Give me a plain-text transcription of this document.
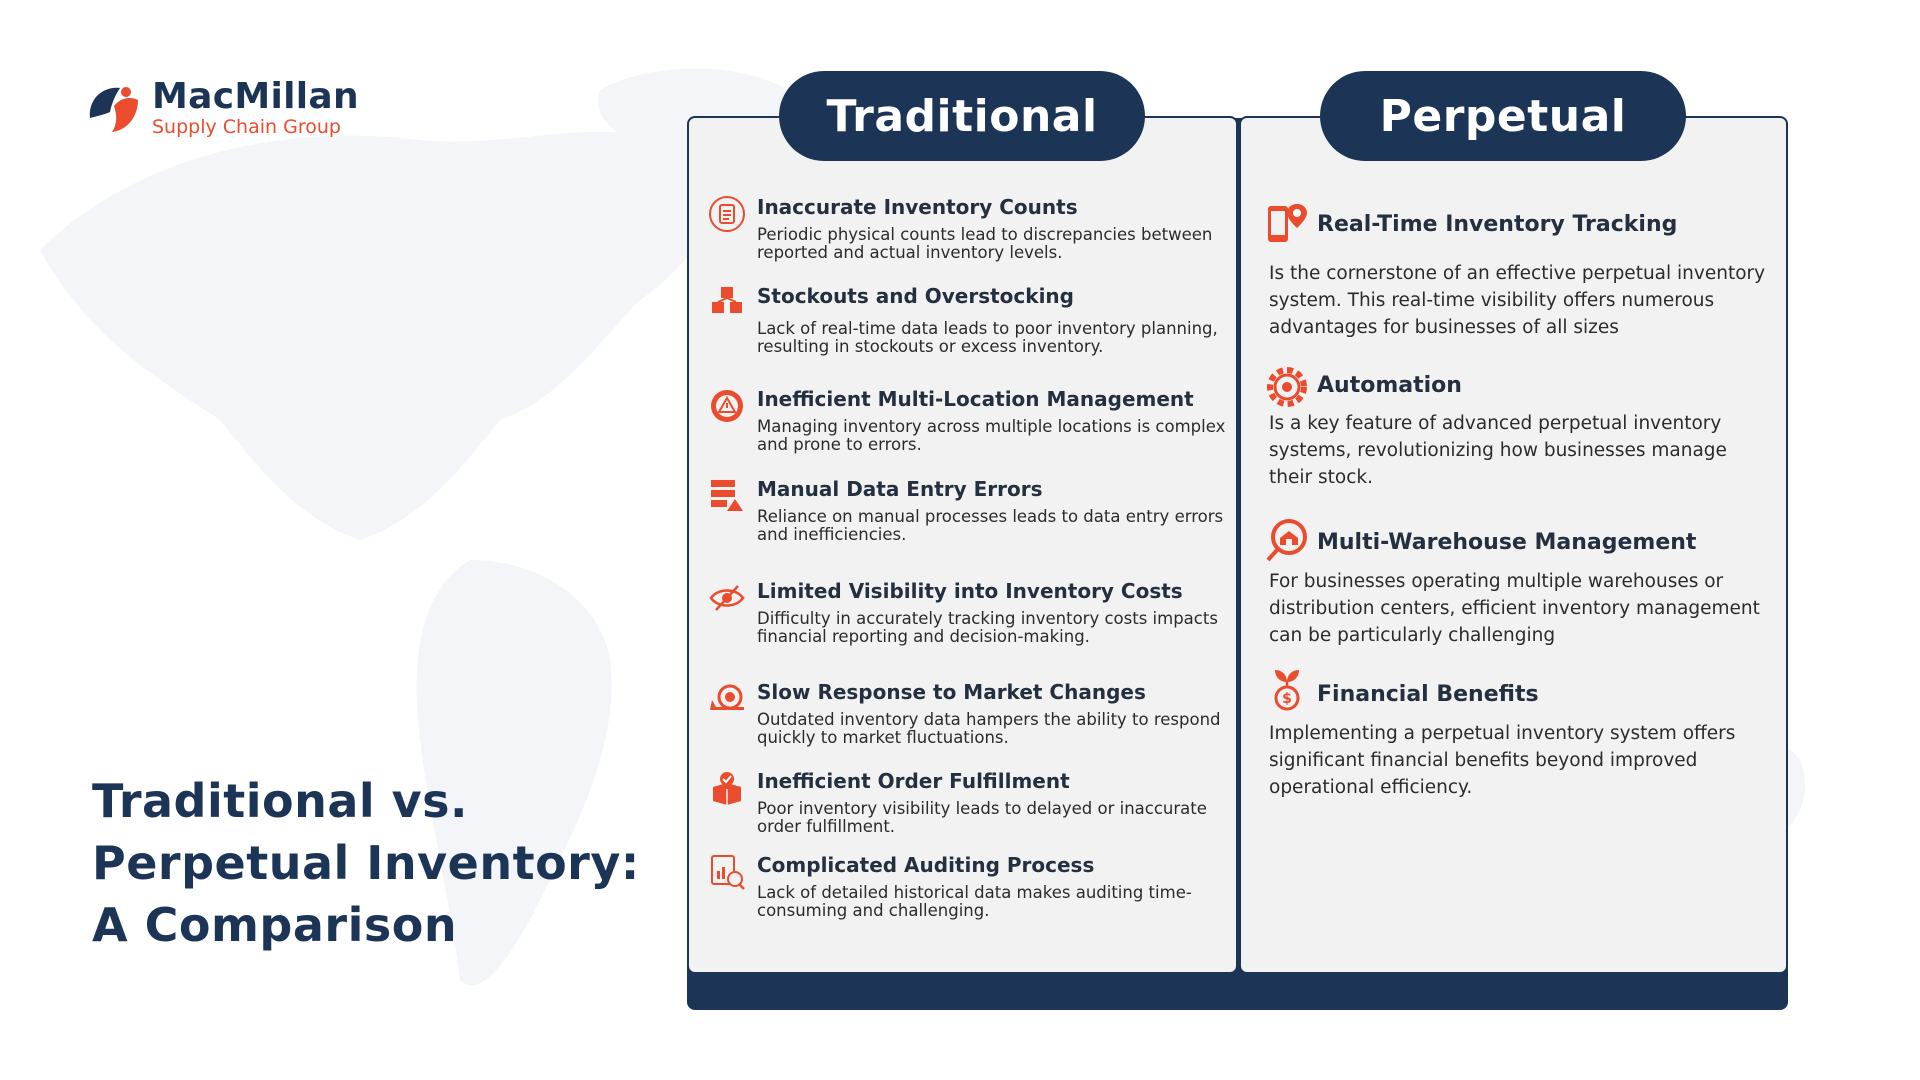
MacMillan
Supply Chain Group
Traditional vs.
Perpetual Inventory:
A Comparison
Traditional	Perpetual
Inaccurate Inventory Counts
Periodic physical counts lead to discrepancies between reported and actual inventory levels.
Stockouts and Overstocking
Lack of real-time data leads to poor inventory planning, resulting in stockouts or excess inventory.
Inefficient Multi-Location Management
Managing inventory across multiple locations is complex and prone to errors.
Manual Data Entry Errors
Reliance on manual processes leads to data entry errors and inefficiencies.
Limited Visibility into Inventory Costs
Difficulty in accurately tracking inventory costs impacts financial reporting and decision-making.
Slow Response to Market Changes
Outdated inventory data hampers the ability to respond quickly to market fluctuations.
Inefficient Order Fulfillment
Poor inventory visibility leads to delayed or inaccurate order fulfillment.
Complicated Auditing Process
Lack of detailed historical data makes auditing time-consuming and challenging.
Real-Time Inventory Tracking
Is the cornerstone of an effective perpetual inventory system. This real-time visibility offers numerous advantages for businesses of all sizes
Automation
Is a key feature of advanced perpetual inventory systems, revolutionizing how businesses manage their stock.
Multi-Warehouse Management
For businesses operating multiple warehouses or distribution centers, efficient inventory management can be particularly challenging
$ Financial Benefits
Implementing a perpetual inventory system offers significant financial benefits beyond improved operational efficiency.
